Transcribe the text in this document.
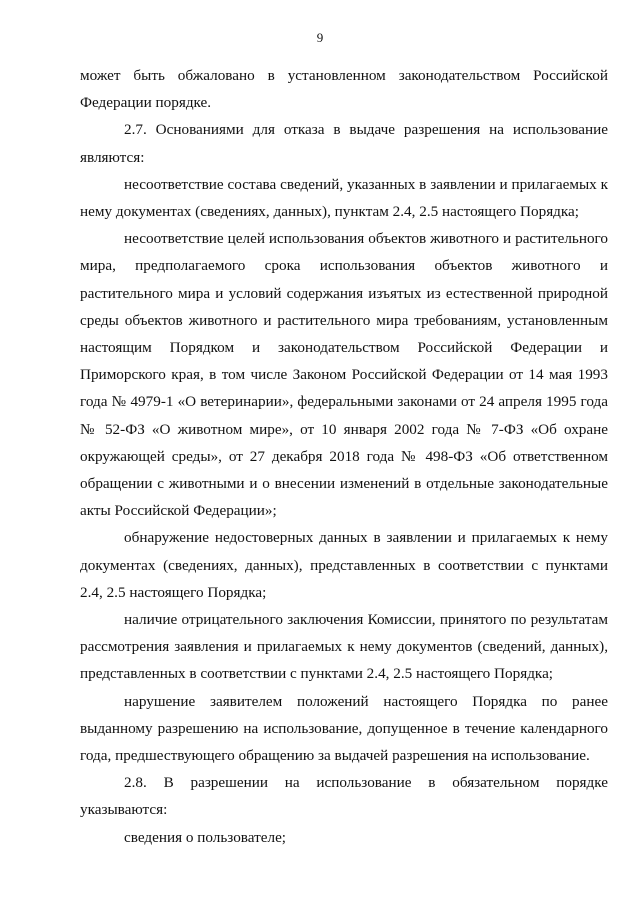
9

может быть обжаловано в установленном законодательством Российской Федерации порядке.

2.7. Основаниями для отказа в выдаче разрешения на использование являются:

несоответствие состава сведений, указанных в заявлении и прилагаемых к нему документах (сведениях, данных), пунктам 2.4, 2.5 настоящего Порядка;

несоответствие целей использования объектов животного и растительного мира, предполагаемого срока использования объектов животного и растительного мира и условий содержания изъятых из естественной природной среды объектов животного и растительного мира требованиям, установленным настоящим Порядком и законодательством Российской Федерации и Приморского края, в том числе Законом Российской Федерации от 14 мая 1993 года № 4979-1 «О ветеринарии», федеральными законами от 24 апреля 1995 года № 52-ФЗ «О животном мире», от 10 января 2002 года № 7-ФЗ «Об охране окружающей среды», от 27 декабря 2018 года № 498-ФЗ «Об ответственном обращении с животными и о внесении изменений в отдельные законодательные акты Российской Федерации»;

обнаружение недостоверных данных в заявлении и прилагаемых к нему документах (сведениях, данных), представленных в соответствии с пунктами 2.4, 2.5 настоящего Порядка;

наличие отрицательного заключения Комиссии, принятого по результатам рассмотрения заявления и прилагаемых к нему документов (сведений, данных), представленных в соответствии с пунктами 2.4, 2.5 настоящего Порядка;

нарушение заявителем положений настоящего Порядка по ранее выданному разрешению на использование, допущенное в течение календарного года, предшествующего обращению за выдачей разрешения на использование.

2.8. В разрешении на использование в обязательном порядке указываются:

сведения о пользователе;
